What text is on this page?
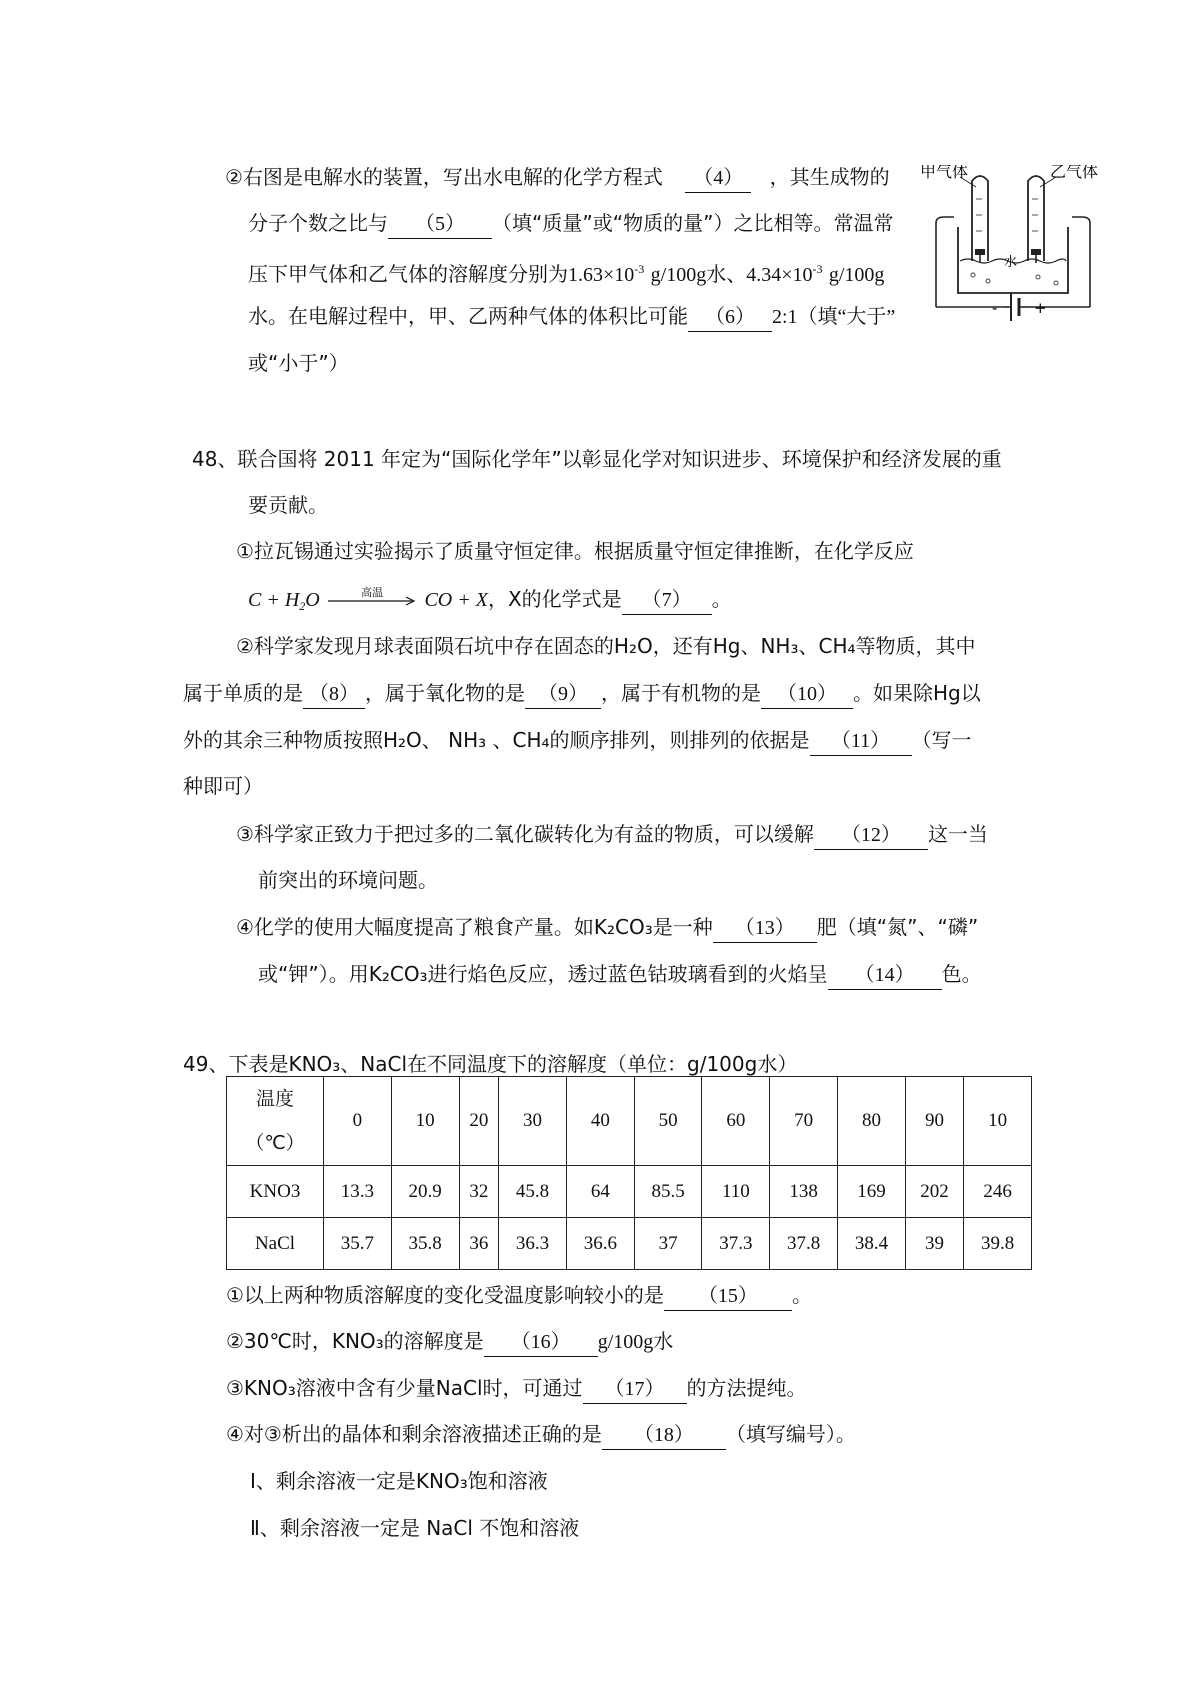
②右图是电解水的装置，写出水电解的化学方程式 （4） ，其生成物的
分子个数之比与 （5） （填“质量”或“物质的量”）之比相等。常温常
压下甲气体和乙气体的溶解度分别为$1.63\times 10^{-3}$ g/100g水、$4.34\times 10^{-3}$ g/100g
水。在电解过程中，甲、乙两种气体的体积比可能 （6） 2:1（填“大于”
或“小于”）
甲气体	乙气体
水
- +
48、联合国将 2011 年定为“国际化学年”以彰显化学对知识进步、环境保护和经济发展的重
要贡献。
①拉瓦锡通过实验揭示了质量守恒定律。根据质量守恒定律推断，在化学反应
$C + H_2O$	高温	CO + X，X的化学式是 （7） 。
②科学家发现月球表面陨石坑中存在固态的H₂O，还有Hg、NH₃、CH₄等物质，其中
属于单质的是 （8） ，属于氧化物的是 （9） ，属于有机物的是 （10） 。如果除Hg以
外的其余三种物质按照H₂O、 NH₃ 、CH₄的顺序排列，则排列的依据是 （11） （写一
种即可）
③科学家正致力于把过多的二氧化碳转化为有益的物质，可以缓解 （12） 这一当
前突出的环境问题。
④化学的使用大幅度提高了粮食产量。如K₂CO₃是一种 （13） 肥（填“氮”、“磷”
或“钾”）。用K₂CO₃进行焰色反应，透过蓝色钴玻璃看到的火焰呈 （14） 色。
49、下表是KNO₃、NaCl在不同温度下的溶解度（单位：g/100g水）
温度
（℃）	0	10	20	30	40	50	60	70	80	90	10
KNO3	13.3	20.9	32	45.8	64	85.5	110	138	169	202	246
NaCl	35.7	35.8	36	36.3	36.6	37	37.3	37.8	38.4	39	39.8
①以上两种物质溶解度的变化受温度影响较小的是 （15） 。
②30℃时，KNO₃的溶解度是 （16） g/100g水
③KNO₃溶液中含有少量NaCl时，可通过 （17） 的方法提纯。
④对③析出的晶体和剩余溶液描述正确的是 （18） （填写编号）。
Ⅰ、剩余溶液一定是KNO₃饱和溶液
Ⅱ、剩余溶液一定是 NaCl 不饱和溶液
